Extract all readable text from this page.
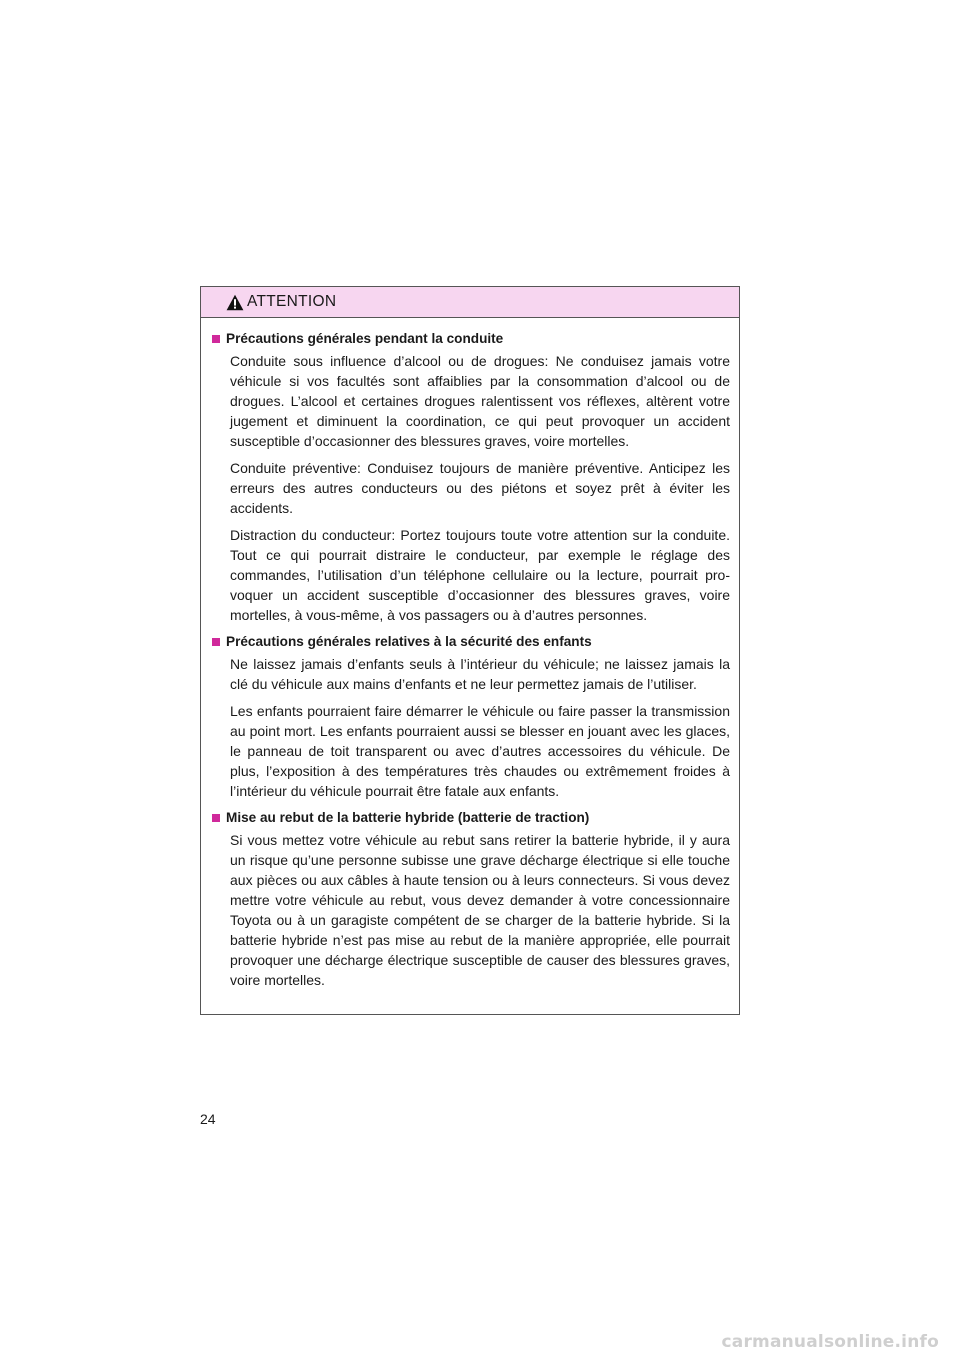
ATTENTION
Précautions générales pendant la conduite

Conduite sous influence d’alcool ou de drogues: Ne conduisez jamais votre véhicule si vos facultés sont affaiblies par la consommation d’alcool ou de drogues. L’alcool et certaines drogues ralentissent vos réflexes, altèrent votre jugement et diminuent la coordination, ce qui peut provoquer un accident susceptible d’occasionner des blessures graves, voire mortelles.

Conduite préventive: Conduisez toujours de manière préventive. Anticipez les erreurs des autres conducteurs ou des piétons et soyez prêt à éviter les accidents.

Distraction du conducteur: Portez toujours toute votre attention sur la conduite. Tout ce qui pourrait distraire le conducteur, par exemple le réglage des commandes, l’utilisation d’un téléphone cellulaire ou la lecture, pourrait provoquer un accident susceptible d’occasionner des blessures graves, voire mortelles, à vous-même, à vos passagers ou à d’autres personnes.

Précautions générales relatives à la sécurité des enfants

Ne laissez jamais d’enfants seuls à l’intérieur du véhicule; ne laissez jamais la clé du véhicule aux mains d’enfants et ne leur permettez jamais de l’utiliser.

Les enfants pourraient faire démarrer le véhicule ou faire passer la transmission au point mort. Les enfants pourraient aussi se blesser en jouant avec les glaces, le panneau de toit transparent ou avec d’autres accessoires du véhicule. De plus, l’exposition à des températures très chaudes ou extrêmement froides à l’intérieur du véhicule pourrait être fatale aux enfants.

Mise au rebut de la batterie hybride (batterie de traction)

Si vous mettez votre véhicule au rebut sans retirer la batterie hybride, il y aura un risque qu’une personne subisse une grave décharge électrique si elle touche aux pièces ou aux câbles à haute tension ou à leurs connecteurs. Si vous devez mettre votre véhicule au rebut, vous devez demander à votre concessionnaire Toyota ou à un garagiste compétent de se charger de la batterie hybride. Si la batterie hybride n’est pas mise au rebut de la manière appropriée, elle pourrait provoquer une décharge électrique susceptible de causer des blessures graves, voire mortelles.

24
carmanualsonline.info
